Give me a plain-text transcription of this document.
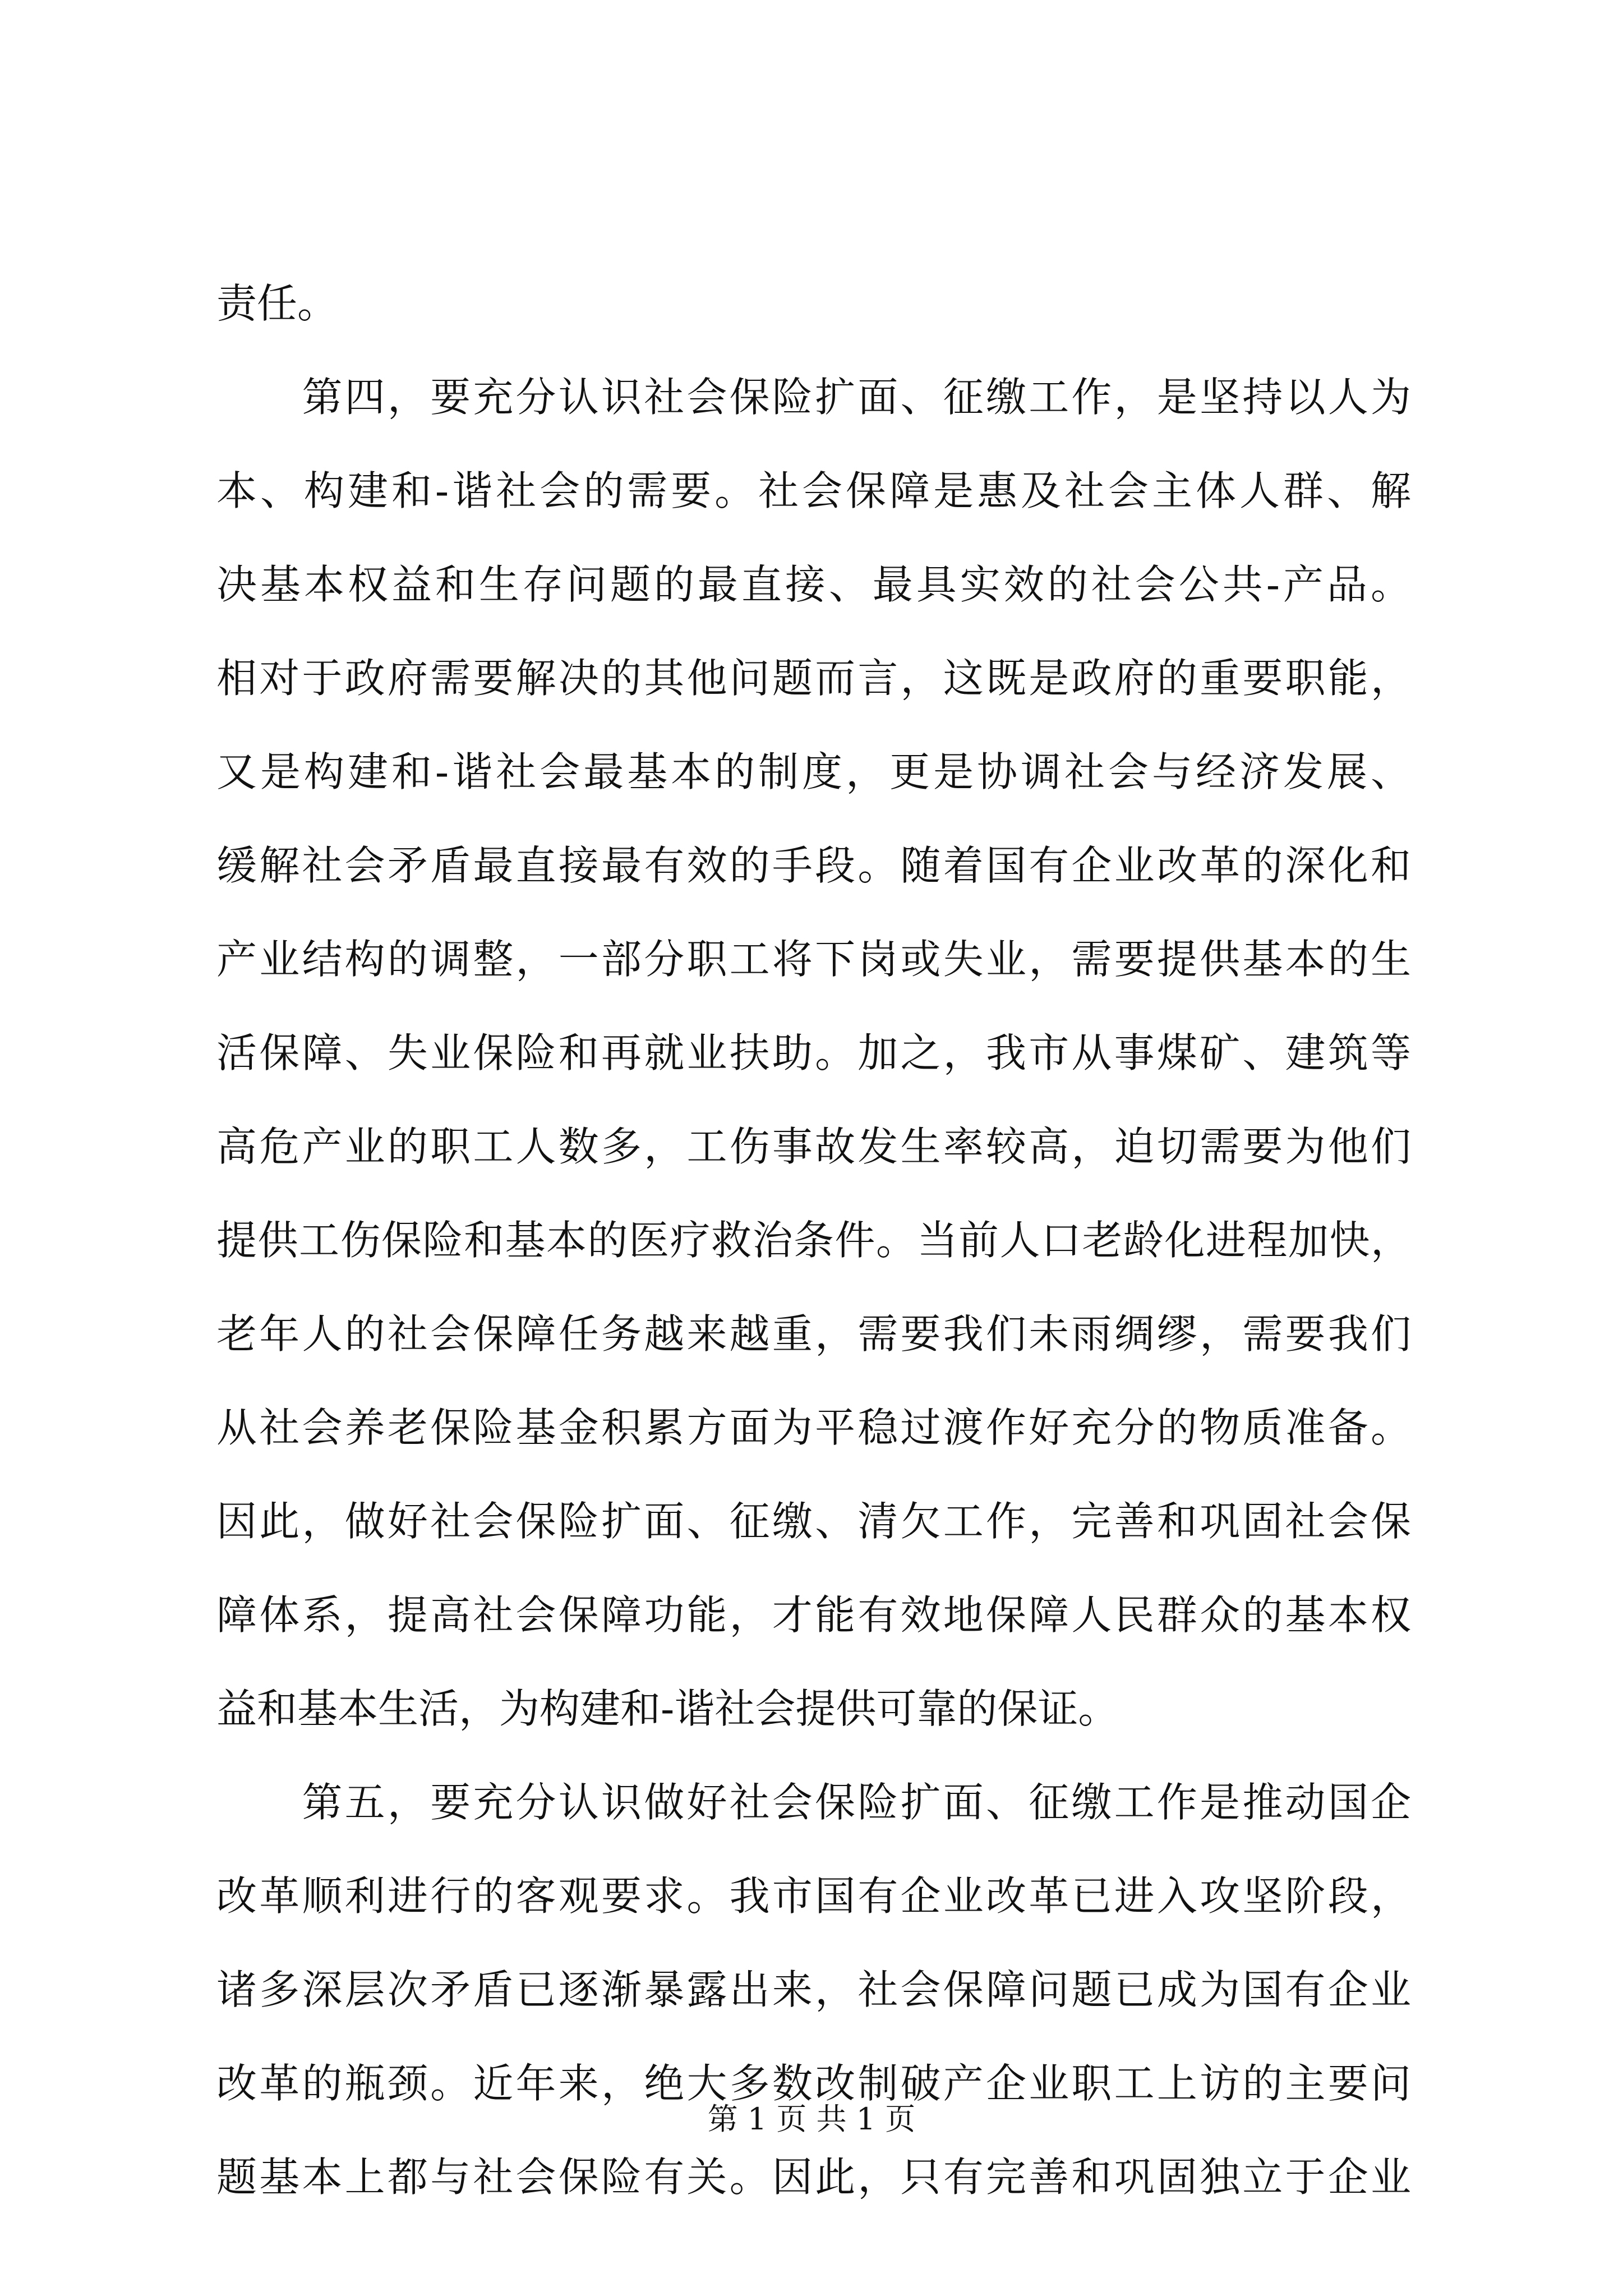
责任。
　　第四，要充分认识社会保险扩面、征缴工作，是坚持以人为
本、构建和-谐社会的需要。社会保障是惠及社会主体人群、解
决基本权益和生存问题的最直接、最具实效的社会公共-产品。
相对于政府需要解决的其他问题而言，这既是政府的重要职能，
又是构建和-谐社会最基本的制度，更是协调社会与经济发展、
缓解社会矛盾最直接最有效的手段。随着国有企业改革的深化和
产业结构的调整，一部分职工将下岗或失业，需要提供基本的生
活保障、失业保险和再就业扶助。加之，我市从事煤矿、建筑等
高危产业的职工人数多，工伤事故发生率较高，迫切需要为他们
提供工伤保险和基本的医疗救治条件。当前人口老龄化进程加快，
老年人的社会保障任务越来越重，需要我们未雨绸缪，需要我们
从社会养老保险基金积累方面为平稳过渡作好充分的物质准备。
因此，做好社会保险扩面、征缴、清欠工作，完善和巩固社会保
障体系，提高社会保障功能，才能有效地保障人民群众的基本权
益和基本生活，为构建和-谐社会提供可靠的保证。
　　第五，要充分认识做好社会保险扩面、征缴工作是推动国企
改革顺利进行的客观要求。我市国有企业改革已进入攻坚阶段，
诸多深层次矛盾已逐渐暴露出来，社会保障问题已成为国有企业
改革的瓶颈。近年来，绝大多数改制破产企业职工上访的主要问
题基本上都与社会保险有关。因此，只有完善和巩固独立于企业
第 1 页 共 1 页
